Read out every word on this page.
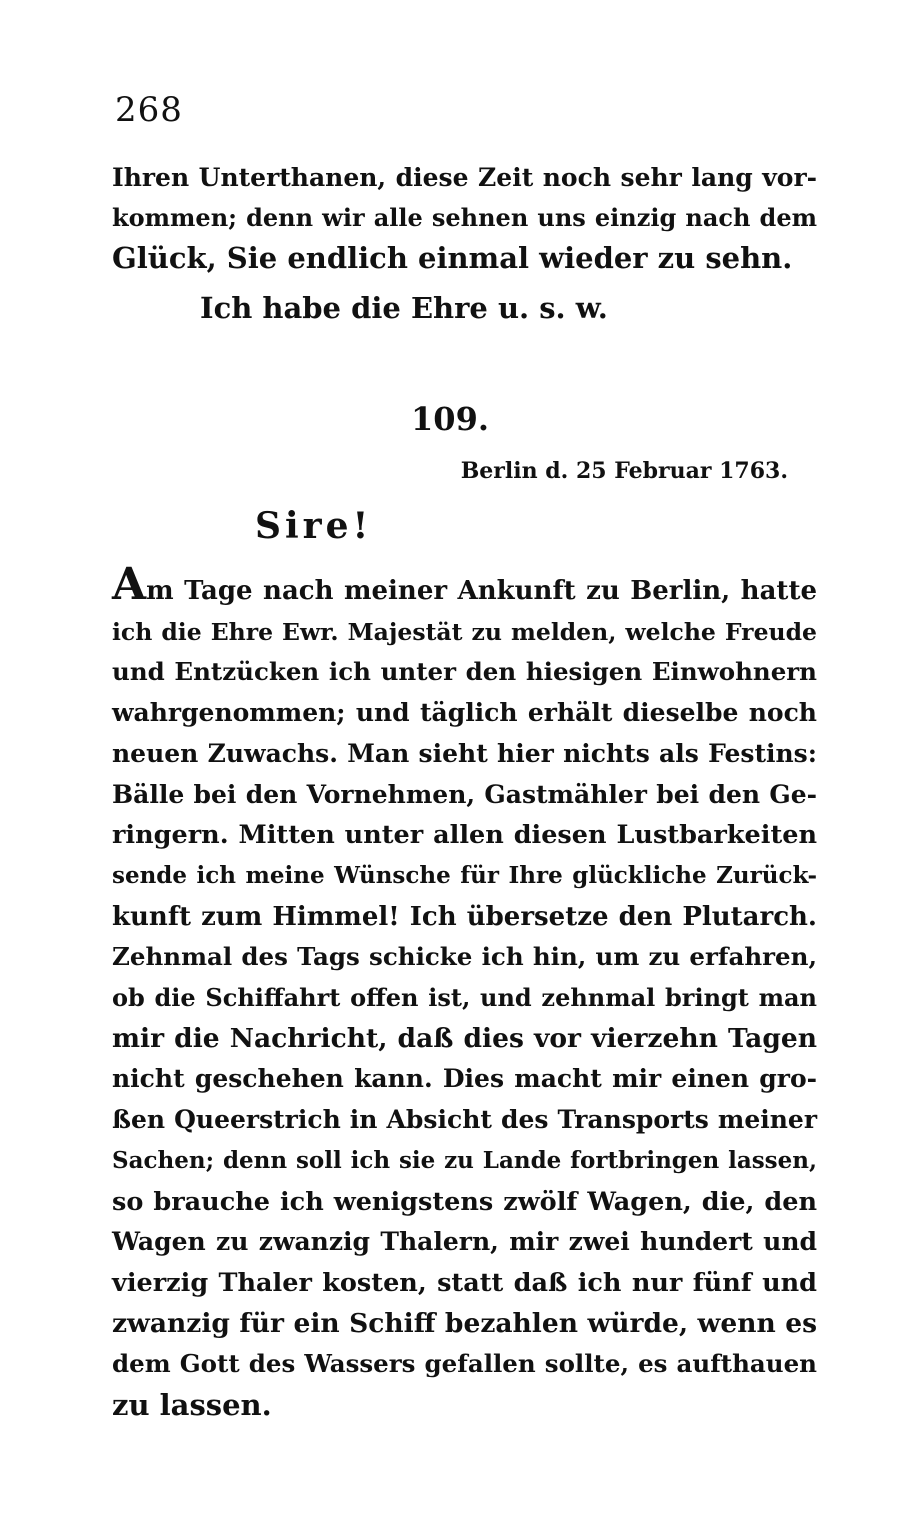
268
Ihren Unterthanen, diese Zeit noch sehr lang vor-
kommen; denn wir alle sehnen uns einzig nach dem
Glück, Sie endlich einmal wieder zu sehn.
Ich habe die Ehre u. s. w.
109.
Berlin d. 25 Februar 1763.
Sire!
Am Tage nach meiner Ankunft zu Berlin, hatte
ich die Ehre Ewr. Majestät zu melden, welche Freude
und Entzücken ich unter den hiesigen Einwohnern
wahrgenommen; und täglich erhält dieselbe noch
neuen Zuwachs. Man sieht hier nichts als Festins:
Bälle bei den Vornehmen, Gastmähler bei den Ge-
ringern. Mitten unter allen diesen Lustbarkeiten
sende ich meine Wünsche für Ihre glückliche Zurück-
kunft zum Himmel! Ich übersetze den Plutarch.
Zehnmal des Tags schicke ich hin, um zu erfahren,
ob die Schiffahrt offen ist, und zehnmal bringt man
mir die Nachricht, daß dies vor vierzehn Tagen
nicht geschehen kann. Dies macht mir einen gro-
ßen Queerstrich in Absicht des Transports meiner
Sachen; denn soll ich sie zu Lande fortbringen lassen,
so brauche ich wenigstens zwölf Wagen, die, den
Wagen zu zwanzig Thalern, mir zwei hundert und
vierzig Thaler kosten, statt daß ich nur fünf und
zwanzig für ein Schiff bezahlen würde, wenn es
dem Gott des Wassers gefallen sollte, es aufthauen
zu lassen.
